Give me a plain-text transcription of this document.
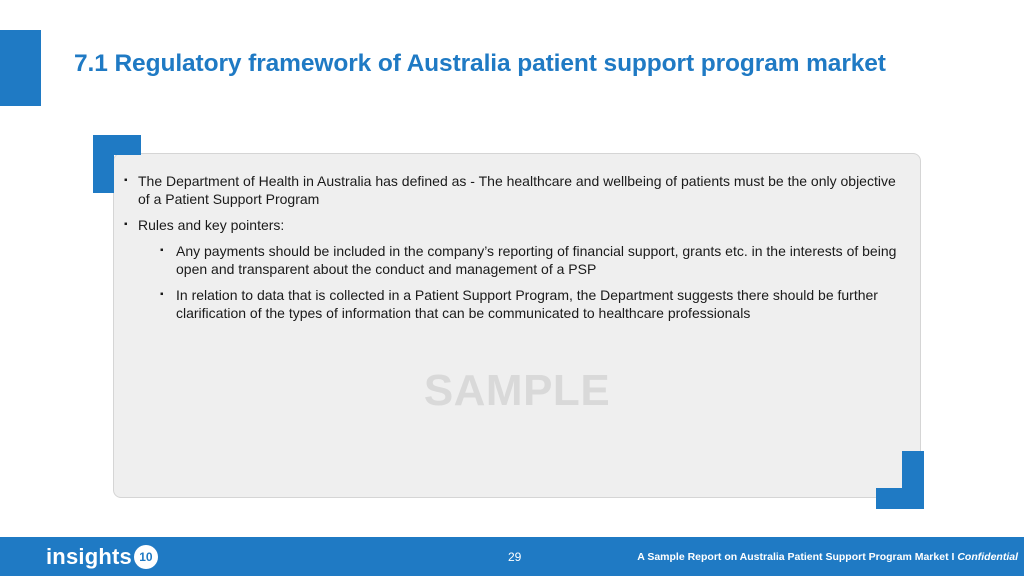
7.1 Regulatory framework of Australia patient support program market
▪ The Department of Health in Australia has defined as - The healthcare and wellbeing of patients must be the only objective of a Patient Support Program
▪ Rules and key pointers:
▪ Any payments should be included in the company’s reporting of financial support, grants etc. in the interests of being open and transparent about the conduct and management of a PSP
▪ In relation to data that is collected in a Patient Support Program, the Department suggests there should be further clarification of the types of information that can be communicated to healthcare professionals
SAMPLE
insights 10	29	A Sample Report on Australia Patient Support Program Market I Confidential
